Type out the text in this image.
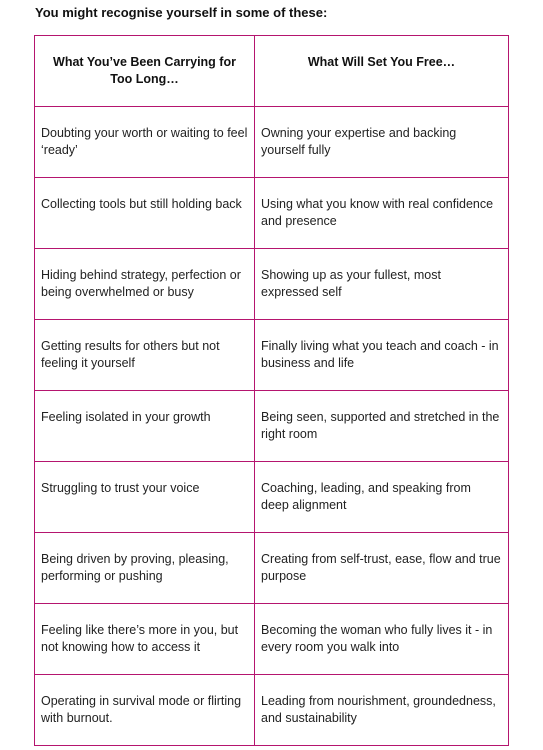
You might recognise yourself in some of these:

What You’ve Been Carrying for Too Long…	What Will Set You Free…

Doubting your worth or waiting to feel ‘ready’	Owning your expertise and backing yourself fully

Collecting tools but still holding back	Using what you know with real confidence and presence

Hiding behind strategy, perfection or being overwhelmed or busy	Showing up as your fullest, most expressed self

Getting results for others but not feeling it yourself	Finally living what you teach and coach - in business and life

Feeling isolated in your growth	Being seen, supported and stretched in the right room

Struggling to trust your voice	Coaching, leading, and speaking from deep alignment

Being driven by proving, pleasing, performing or pushing	Creating from self-trust, ease, flow and true purpose

Feeling like there’s more in you, but not knowing how to access it	Becoming the woman who fully lives it - in every room you walk into

Operating in survival mode or flirting with burnout.	Leading from nourishment, groundedness, and sustainability
